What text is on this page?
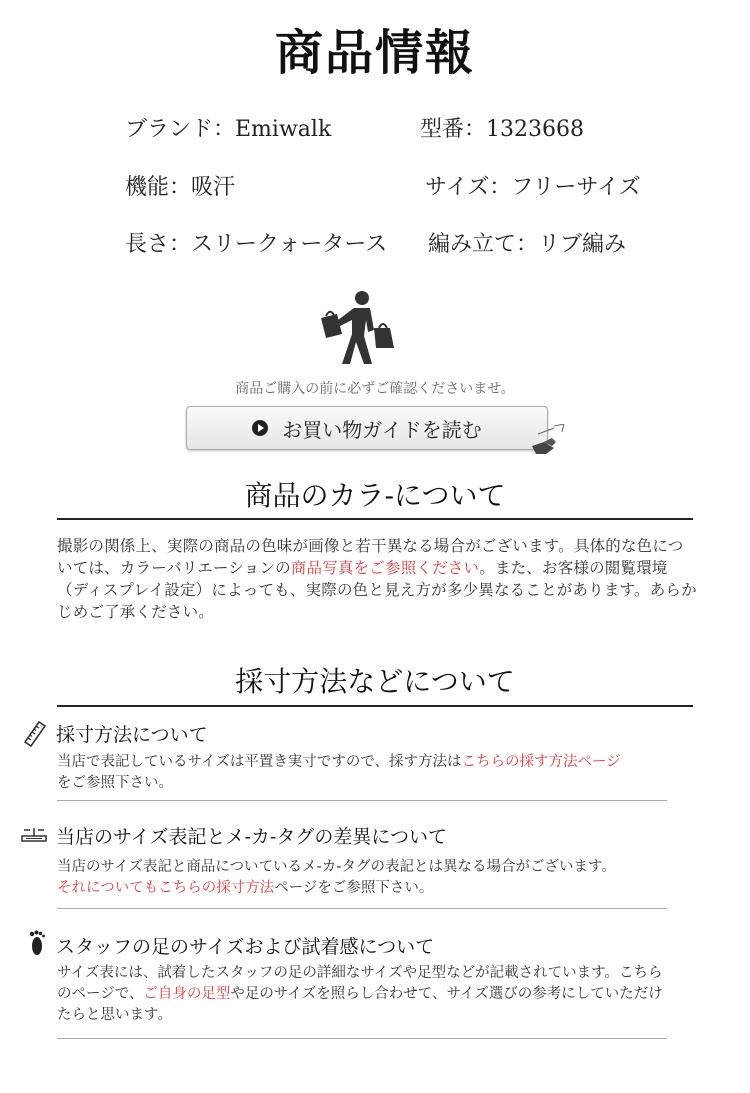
商品情報
ブランド：Emiwalk	型番：1323668
機能：吸汗	サイズ：フリーサイズ
長さ：スリークォータース 編み立て：リブ編み
商品ご購入の前に必ずご確認くださいませ。
お買い物ガイドを読む
商品のカラ-について
撮影の関係上、実際の商品の色味が画像と若干異なる場合がございます。具体的な色については、カラーバリエーションの商品写真をご参照ください。また、お客様の閲覧環境（ディスプレイ設定）によっても、実際の色と見え方が多少異なることがあります。あらかじめご了承ください。
採寸方法などについて
採寸方法について
当店で表記しているサイズは平置き実寸ですので、採す方法はこちらの採す方法ページ
をご参照下さい。
当店のサイズ表記とメ-カ-タグの差異について
当店のサイズ表記と商品についているメ-カ-タグの表記とは異なる場合がございます。
それについてもこちらの採寸方法ページをご参照下さい。
スタッフの足のサイズおよび試着感について
サイズ表には、試着したスタッフの足の詳細なサイズや足型などが記載されています。こちらのページで、ご自身の足型や足のサイズを照らし合わせて、サイズ選びの参考にしていただけたらと思います。
